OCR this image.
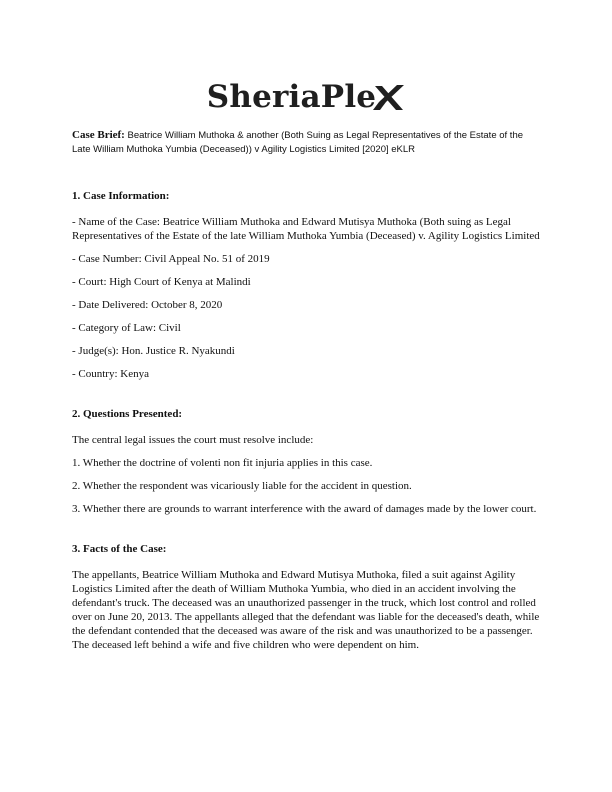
SheriaPle
Case Brief: Beatrice William Muthoka & another (Both Suing as Legal Representatives of the Estate of the Late William Muthoka Yumbia (Deceased)) v Agility Logistics Limited [2020] eKLR
1. Case Information:

- Name of the Case: Beatrice William Muthoka and Edward Mutisya Muthoka (Both suing as Legal Representatives of the Estate of the late William Muthoka Yumbia (Deceased) v. Agility Logistics Limited

- Case Number: Civil Appeal No. 51 of 2019

- Court: High Court of Kenya at Malindi

- Date Delivered: October 8, 2020

- Category of Law: Civil

- Judge(s): Hon. Justice R. Nyakundi

- Country: Kenya

2. Questions Presented:

The central legal issues the court must resolve include:

1. Whether the doctrine of volenti non fit injuria applies in this case.

2. Whether the respondent was vicariously liable for the accident in question.

3. Whether there are grounds to warrant interference with the award of damages made by the lower court.

3. Facts of the Case:

The appellants, Beatrice William Muthoka and Edward Mutisya Muthoka, filed a suit against Agility Logistics Limited after the death of William Muthoka Yumbia, who died in an accident involving the defendant's truck. The deceased was an unauthorized passenger in the truck, which lost control and rolled over on June 20, 2013. The appellants alleged that the defendant was liable for the deceased's death, while the defendant contended that the deceased was aware of the risk and was unauthorized to be a passenger. The deceased left behind a wife and five children who were dependent on him.
